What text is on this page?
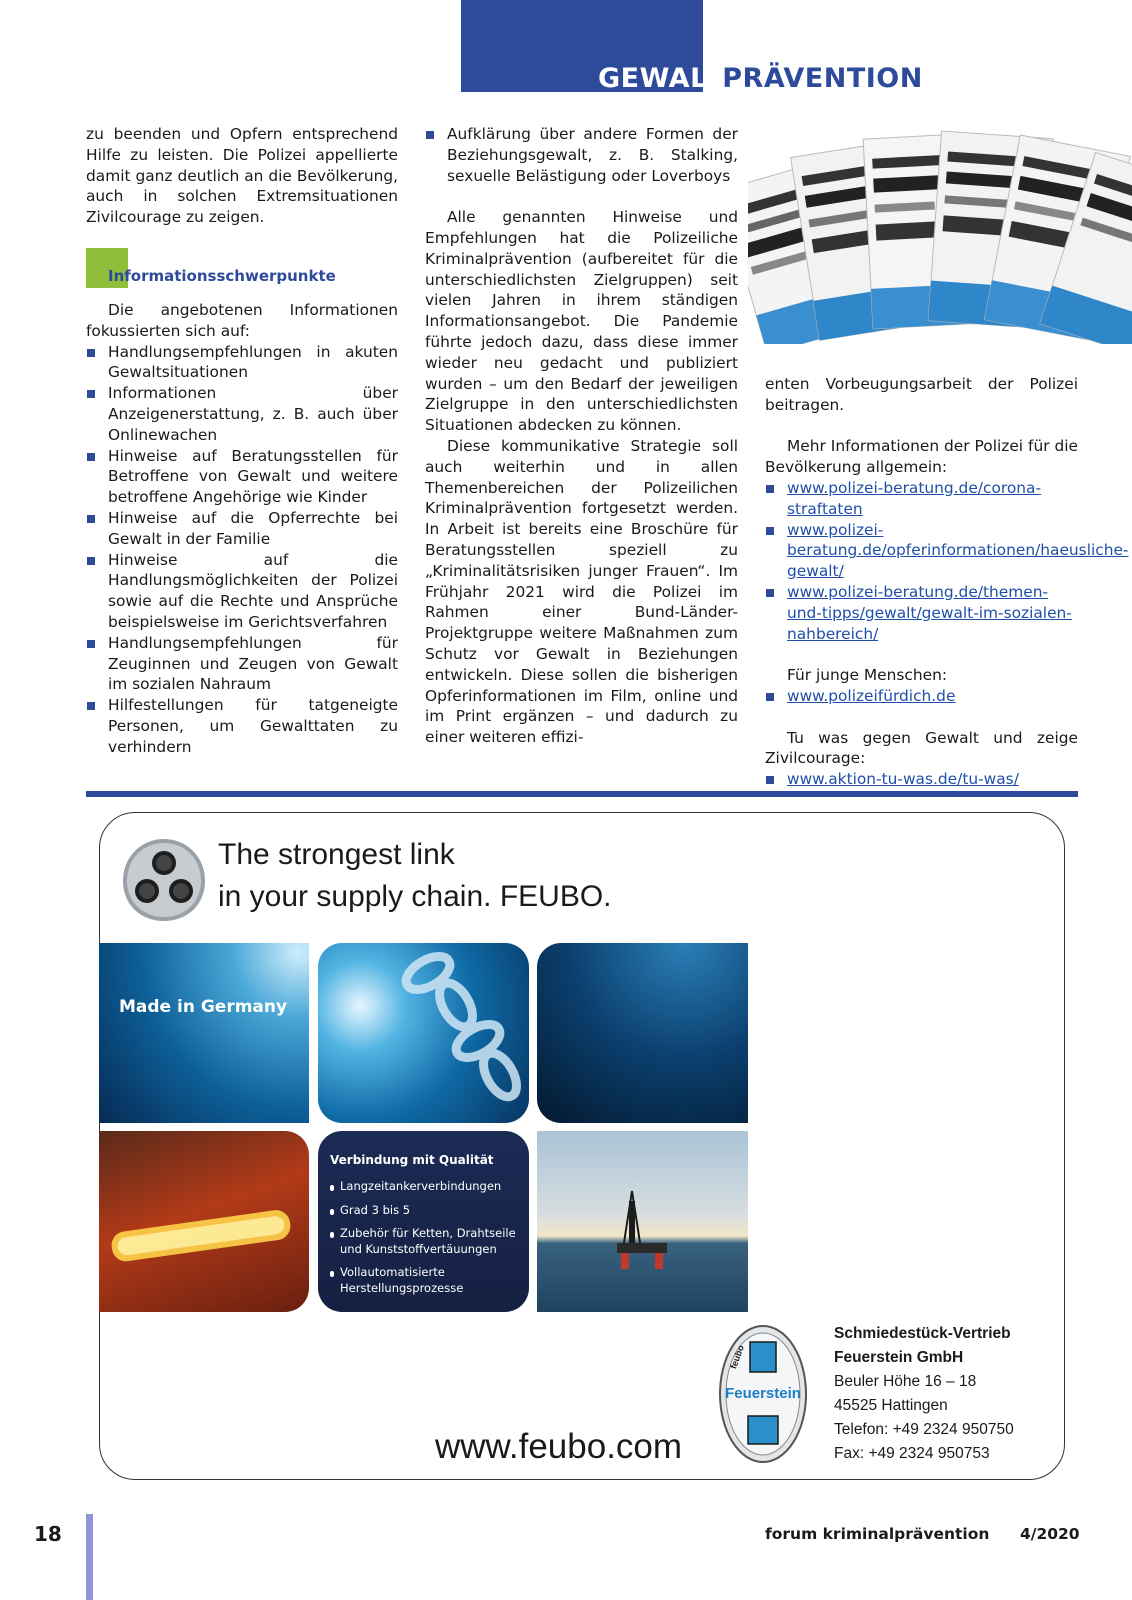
GEWALTPRÄVENTION

zu beenden und Opfern entsprechend Hilfe zu leisten. Die Polizei appellierte damit ganz deutlich an die Bevölkerung, auch in solchen Extremsituationen Zivilcourage zu zeigen.

Informationsschwerpunkte

Die angebotenen Informationen fokussierten sich auf:

Handlungsempfehlungen in akuten Gewaltsituationen
Informationen über Anzeigenerstattung, z. B. auch über Onlinewachen
Hinweise auf Beratungsstellen für Betroffene von Gewalt und weitere betroffene Angehörige wie Kinder
Hinweise auf die Opferrechte bei Gewalt in der Familie
Hinweise auf die Handlungsmöglichkeiten der Polizei sowie auf die Rechte und Ansprüche beispielsweise im Gerichtsverfahren
Handlungsempfehlungen für Zeuginnen und Zeugen von Gewalt im sozialen Nahraum
Hilfestellungen für tatgeneigte Personen, um Gewalttaten zu verhindern
Aufklärung über andere Formen der Beziehungsgewalt, z. B. Stalking, sexuelle Belästigung oder Loverboys

Alle genannten Hinweise und Empfehlungen hat die Polizeiliche Kriminalprävention (aufbereitet für die unterschiedlichsten Zielgruppen) seit vielen Jahren in ihrem ständigen Informationsangebot. Die Pandemie führte jedoch dazu, dass diese immer wieder neu gedacht und publiziert wurden – um den Bedarf der jeweiligen Zielgruppe in den unterschiedlichsten Situationen abdecken zu können.

Diese kommunikative Strategie soll auch weiterhin und in allen Themenbereichen der Polizeilichen Kriminalprävention fortgesetzt werden. In Arbeit ist bereits eine Broschüre für Beratungsstellen speziell zu „Kriminalitätsrisiken junger Frauen“. Im Frühjahr 2021 wird die Polizei im Rahmen einer Bund-Länder-Projektgruppe weitere Maßnahmen zum Schutz vor Gewalt in Beziehungen entwickeln. Diese sollen die bisherigen Opferinformationen im Film, online und im Print ergänzen – und dadurch zu einer weiteren effizi-

enten Vorbeugungsarbeit der Polizei beitragen.

Mehr Informationen der Polizei für die Bevölkerung allgemein:

www.polizei-beratung.de/corona-straftaten
www.polizei-beratung.de/opferinformationen/haeusliche-gewalt/
www.polizei-beratung.de/themen-und-tipps/gewalt/gewalt-im-sozialen-nahbereich/

Für junge Menschen:

www.polizeifürdich.de

Tu was gegen Gewalt und zeige Zivilcourage:

www.aktion-tu-was.de/tu-was/
The strongest link
in your supply chain. FEUBO.
Made in Germany
Verbindung mit Qualität
Langzeitankerverbindungen
Grad 3 bis 5
Zubehör für Ketten, Drahtseile und Kunststoffvertäuungen
Vollautomatisierte Herstellungsprozesse
www.feubo.com
Feuerstein
feubo
Schmiedestück-Vertrieb
Feuerstein GmbH
Beuler Höhe 16 – 18
45525 Hattingen
Telefon: +49 2324 950750
Fax: +49 2324 950753
18	forum kriminalprävention 4/2020
